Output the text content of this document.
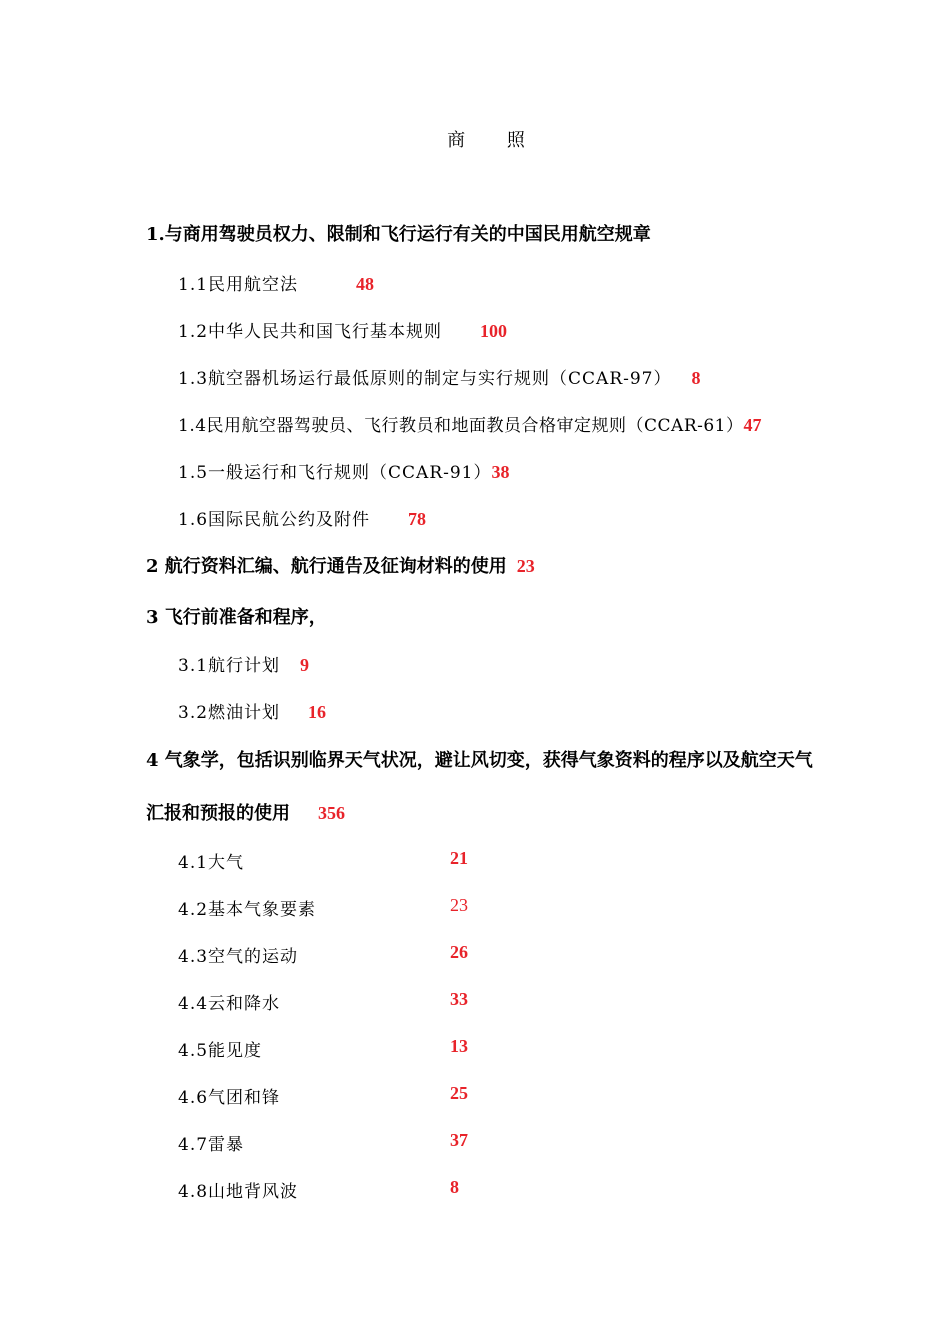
商 照
1.与商用驾驶员权力、限制和飞行运行有关的中国民用航空规章
1.1民用航空法	48
1.2中华人民共和国飞行基本规则 100
1.3航空器机场运行最低原则的制定与实行规则（CCAR-97） 8
1.4民用航空器驾驶员、飞行教员和地面教员合格审定规则（CCAR-61）47
1.5一般运行和飞行规则（CCAR-91）38
1.6国际民航公约及附件 78
2 航行资料汇编、航行通告及征询材料的使用 23
3 飞行前准备和程序，
3.1航行计划 9
3.2燃油计划 16
4 气象学，包括识别临界天气状况，避让风切变，获得气象资料的程序以及航空天气
汇报和预报的使用 356
4.1大气	21
4.2基本气象要素	23
4.3空气的运动	26
4.4云和降水	33
4.5能见度	13
4.6气团和锋	25
4.7雷暴	37
4.8山地背风波	8
